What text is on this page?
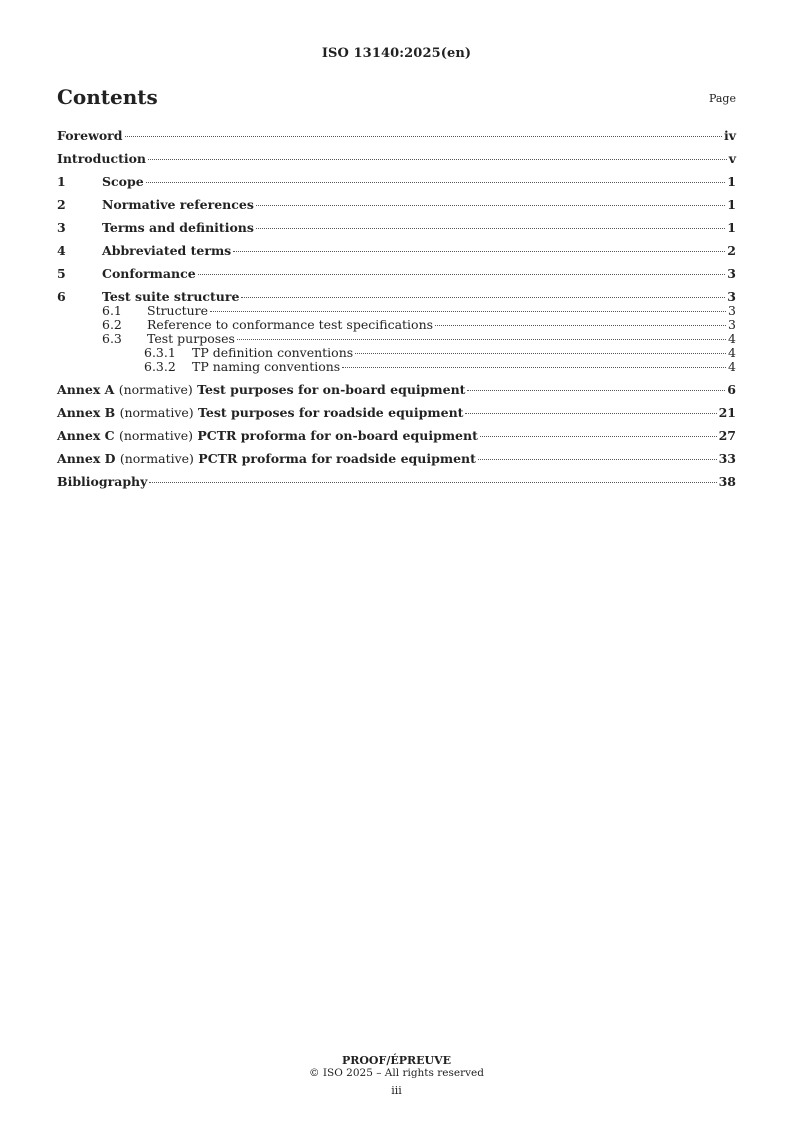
ISO 13140:2025(en)
Contents	Page
Foreword	iv
Introduction	v
1	Scope	1
2	Normative references	1
3	Terms and definitions	1
4	Abbreviated terms	2
5	Conformance	3
6	Test suite structure	3
6.1	Structure	3
6.2	Reference to conformance test specifications	3
6.3	Test purposes	4
6.3.1	TP definition conventions	4
6.3.2	TP naming conventions	4
Annex A (normative) Test purposes for on-board equipment	6
Annex B (normative) Test purposes for roadside equipment	21
Annex C (normative) PCTR proforma for on-board equipment	27
Annex D (normative) PCTR proforma for roadside equipment	33
Bibliography	38
PROOF/ÉPREUVE
© ISO 2025 – All rights reserved
iii
